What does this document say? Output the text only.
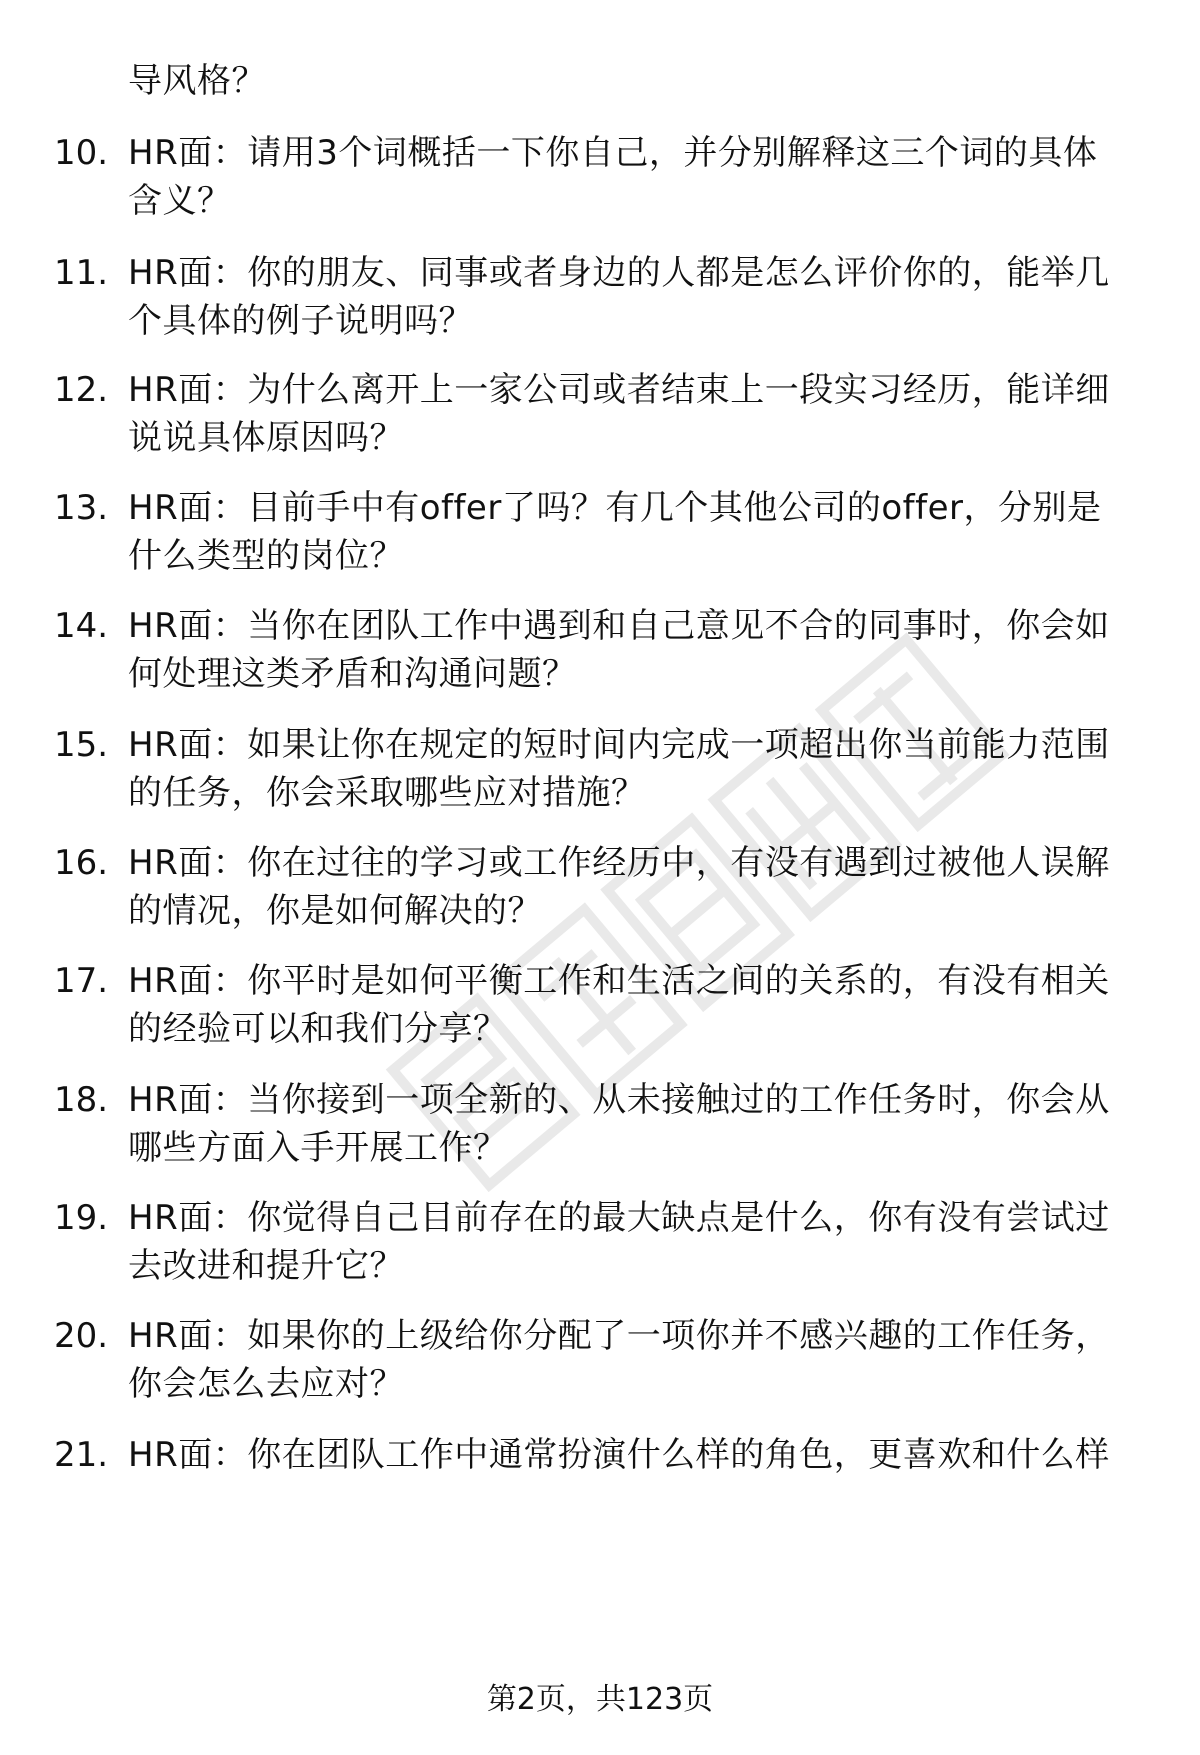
导风格？
10. HR面：请用3个词概括一下你自己，并分别解释这三个词的具体
含义？
11. HR面：你的朋友、同事或者身边的人都是怎么评价你的，能举几
个具体的例子说明吗？
12. HR面：为什么离开上一家公司或者结束上一段实习经历，能详细
说说具体原因吗？
13. HR面：目前手中有offer了吗？有几个其他公司的offer，分别是
什么类型的岗位？
14. HR面：当你在团队工作中遇到和自己意见不合的同事时，你会如
何处理这类矛盾和沟通问题？
15. HR面：如果让你在规定的短时间内完成一项超出你当前能力范围
的任务，你会采取哪些应对措施？
16. HR面：你在过往的学习或工作经历中，有没有遇到过被他人误解
的情况，你是如何解决的？
17. HR面：你平时是如何平衡工作和生活之间的关系的，有没有相关
的经验可以和我们分享？
18. HR面：当你接到一项全新的、从未接触过的工作任务时，你会从
哪些方面入手开展工作？
19. HR面：你觉得自己目前存在的最大缺点是什么，你有没有尝试过
去改进和提升它？
20. HR面：如果你的上级给你分配了一项你并不感兴趣的工作任务，
你会怎么去应对？
21. HR面：你在团队工作中通常扮演什么样的角色，更喜欢和什么样
第2页，共123页
